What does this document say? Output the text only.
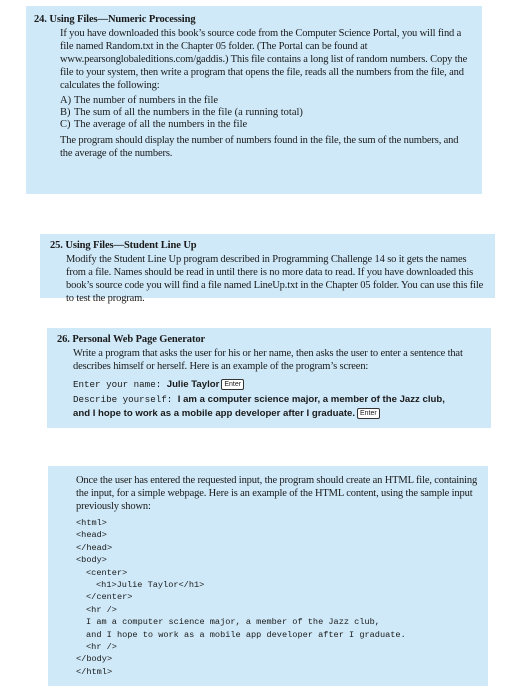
24. Using Files—Numeric Processing

If you have downloaded this book’s source code from the Computer Science Portal, you will find a file named Random.txt in the Chapter 05 folder. (The Portal can be found at www.pearsonglobaleditions.com/gaddis.) This file contains a long list of random numbers. Copy the file to your system, then write a program that opens the file, reads all the numbers from the file, and calculates the following:

A) The number of numbers in the file
B) The sum of all the numbers in the file (a running total)
C) The average of all the numbers in the file

The program should display the number of numbers found in the file, the sum of the numbers, and the average of the numbers.

25. Using Files—Student Line Up

Modify the Student Line Up program described in Programming Challenge 14 so it gets the names from a file. Names should be read in until there is no more data to read. If you have downloaded this book’s source code you will find a file named LineUp.txt in the Chapter 05 folder. You can use this file to test the program.

26. Personal Web Page Generator

Write a program that asks the user for his or her name, then asks the user to enter a sentence that describes himself or herself. Here is an example of the program’s screen:

Enter your name: Julie Taylor Enter
Describe yourself: I am a computer science major, a member of the Jazz club,
and I hope to work as a mobile app developer after I graduate. Enter

Once the user has entered the requested input, the program should create an HTML file, containing the input, for a simple webpage. Here is an example of the HTML content, using the sample input previously shown:

<html>
<head>
</head>
<body>
<center>
<h1>Julie Taylor</h1>
</center>
<hr />
I am a computer science major, a member of the Jazz club,
and I hope to work as a mobile app developer after I graduate.
<hr />
</body>
</html>
